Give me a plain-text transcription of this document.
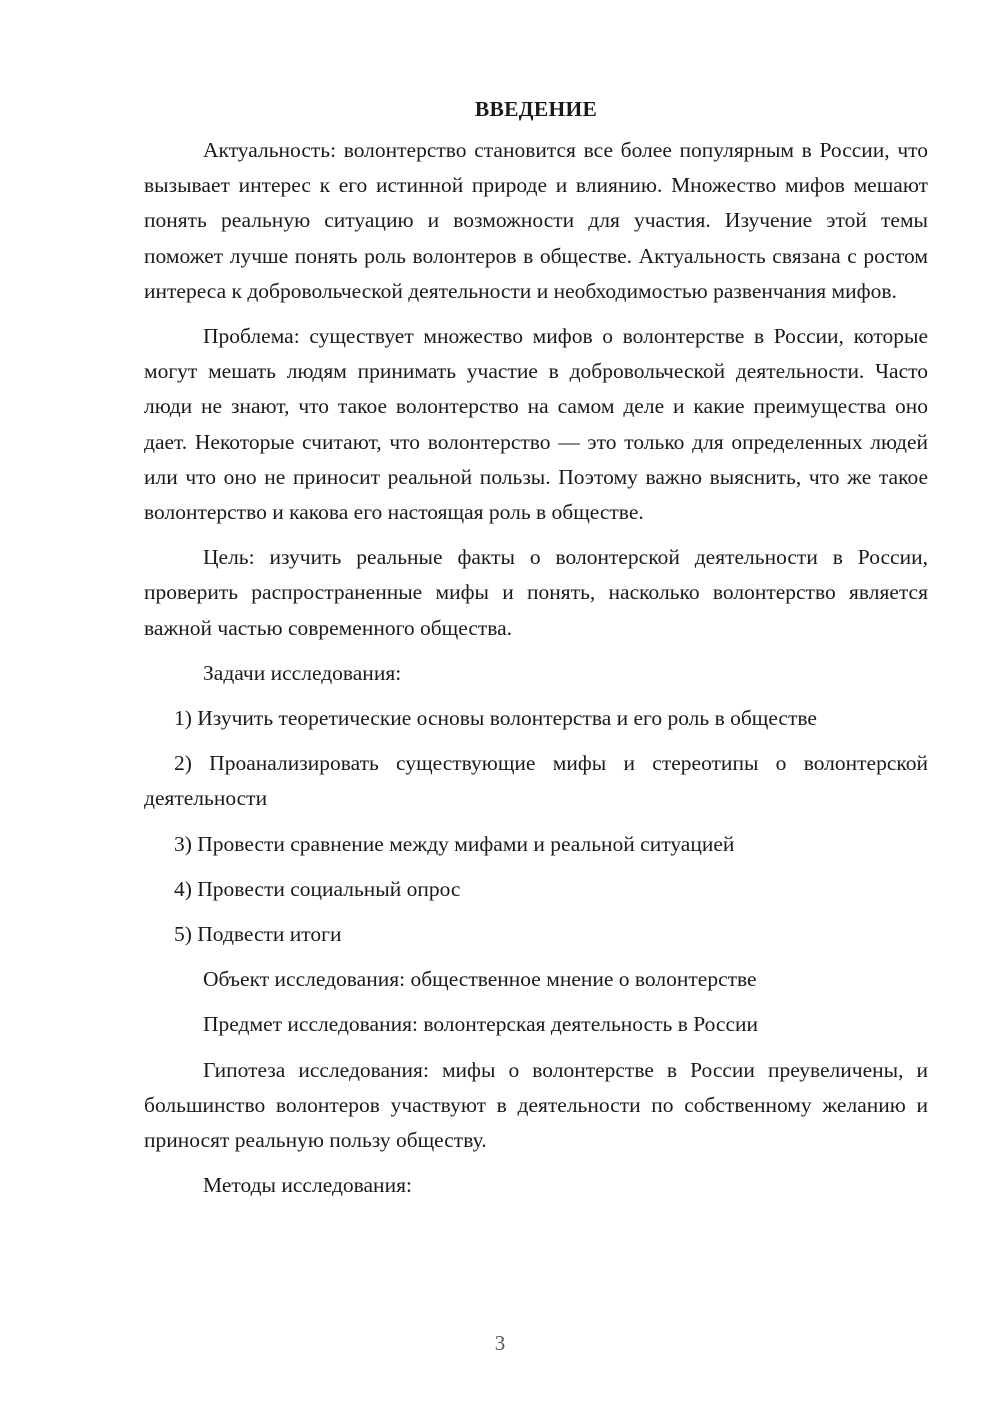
ВВЕДЕНИЕ

Актуальность: волонтерство становится все более популярным в России, что вызывает интерес к его истинной природе и влиянию. Множество мифов мешают понять реальную ситуацию и возможности для участия. Изучение этой темы поможет лучше понять роль волонтеров в обществе. Актуальность связана с ростом интереса к добровольческой деятельности и необходимостью развенчания мифов.

Проблема: существует множество мифов о волонтерстве в России, которые могут мешать людям принимать участие в добровольческой деятельности. Часто люди не знают, что такое волонтерство на самом деле и какие преимущества оно дает. Некоторые считают, что волонтерство — это только для определенных людей или что оно не приносит реальной пользы. Поэтому важно выяснить, что же такое волонтерство и какова его настоящая роль в обществе.

Цель: изучить реальные факты о волонтерской деятельности в России, проверить распространенные мифы и понять, насколько волонтерство является важной частью современного общества.

Задачи исследования:

1) Изучить теоретические основы волонтерства и его роль в обществе

2) Проанализировать существующие мифы и стереотипы о волонтерской деятельности

3) Провести сравнение между мифами и реальной ситуацией

4) Провести социальный опрос

5) Подвести итоги

Объект исследования: общественное мнение о волонтерстве

Предмет исследования: волонтерская деятельность в России

Гипотеза исследования: мифы о волонтерстве в России преувеличены, и большинство волонтеров участвуют в деятельности по собственному желанию и приносят реальную пользу обществу.

Методы исследования:

3
